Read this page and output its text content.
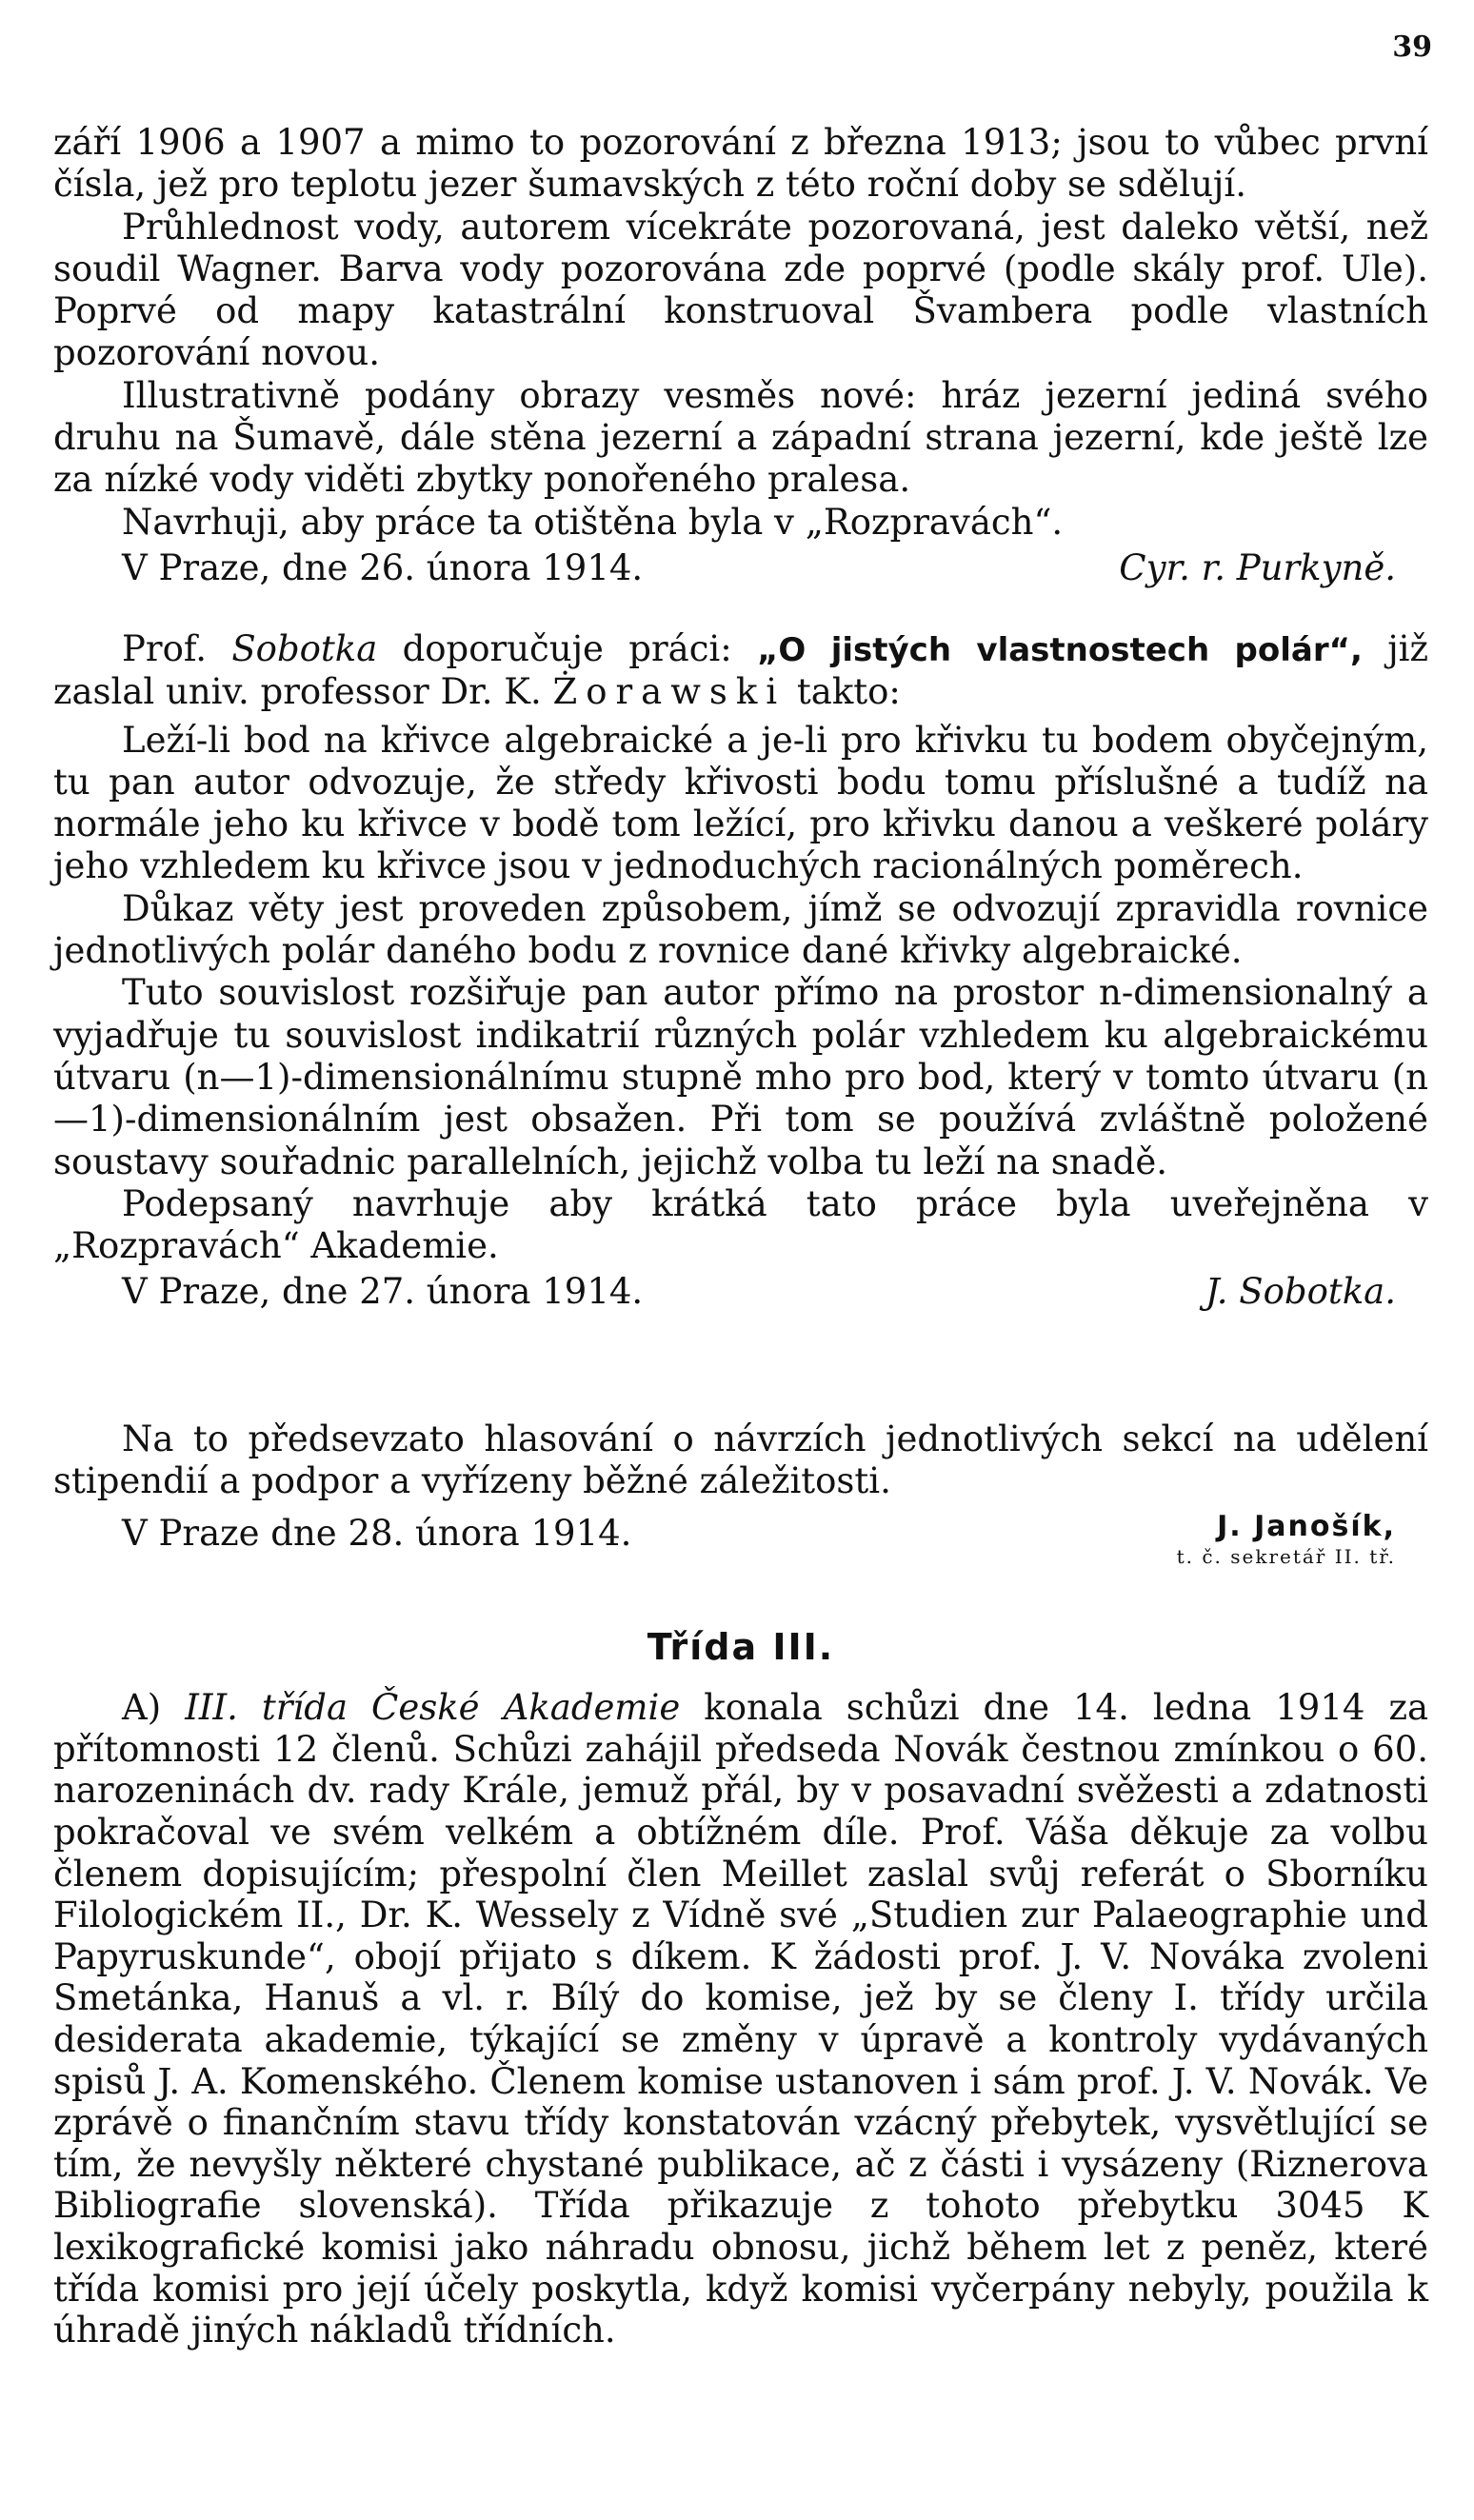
39

září 1906 a 1907 a mimo to pozorování z března 1913; jsou to vůbec první čísla, jež pro teplotu jezer šumavských z této roční doby se sdělují.

Průhlednost vody, autorem vícekráte pozorovaná, jest daleko větší, než soudil Wagner. Barva vody pozorována zde poprvé (podle skály prof. Ule). Poprvé od mapy katastrální konstruoval Švambera podle vlastních pozorování novou.

Illustrativně podány obrazy vesměs nové: hráz jezerní jediná svého druhu na Šumavě, dále stěna jezerní a západní strana jezerní, kde ještě lze za nízké vody viděti zbytky ponořeného pralesa.

Navrhuji, aby práce ta otištěna byla v „Rozpravách“.

V Praze, dne 26. února 1914.	Cyr. r. Purkyně.

Prof. Sobotka doporučuje práci: „O jistých vlastnostech polár“, již zaslal univ. professor Dr. K. Żorawski takto:

Leží-li bod na křivce algebraické a je-li pro křivku tu bodem obyčejným, tu pan autor odvozuje, že středy křivosti bodu tomu příslušné a tudíž na normále jeho ku křivce v bodě tom ležící, pro křivku danou a veškeré poláry jeho vzhledem ku křivce jsou v jednoduchých racionálných poměrech.

Důkaz věty jest proveden způsobem, jímž se odvozují zpravidla rovnice jednotlivých polár daného bodu z rovnice dané křivky algebraické.

Tuto souvislost rozšiřuje pan autor přímo na prostor n-dimensionalný a vyjadřuje tu souvislost indikatrií různých polár vzhledem ku algebraickému útvaru (n—1)-dimensionálnímu stupně mho pro bod, který v tomto útvaru (n—1)-dimensionálním jest obsažen. Při tom se používá zvláštně položené soustavy souřadnic parallelních, jejichž volba tu leží na snadě.

Podepsaný navrhuje aby krátká tato práce byla uveřejněna v „Rozpravách“ Akademie.

V Praze, dne 27. února 1914.	J. Sobotka.

Na to předsevzato hlasování o návrzích jednotlivých sekcí na udělení stipendií a podpor a vyřízeny běžné záležitosti.

V Praze dne 28. února 1914.	J. Janošík,
t. č. sekretář II. tř.
Třída III.

A) III. třída České Akademie konala schůzi dne 14. ledna 1914 za přítomnosti 12 členů. Schůzi zahájil předseda Novák čestnou zmínkou o 60. narozeninách dv. rady Krále, jemuž přál, by v posavadní svěžesti a zdatnosti pokračoval ve svém velkém a obtížném díle. Prof. Váša děkuje za volbu členem dopisujícím; přespolní člen Meillet zaslal svůj referát o Sborníku Filologickém II., Dr. K. Wessely z Vídně své „Studien zur Palaeographie und Papyruskunde“, obojí přijato s díkem. K žádosti prof. J. V. Nováka zvoleni Smetánka, Hanuš a vl. r. Bílý do komise, jež by se členy I. třídy určila desiderata akademie, týkající se změny v úpravě a kontroly vydávaných spisů J. A. Komenského. Členem komise ustanoven i sám prof. J. V. Novák. Ve zprávě o finančním stavu třídy konstatován vzácný přebytek, vysvětlující se tím, že nevyšly některé chystané publikace, ač z části i vysázeny (Riznerova Bibliografie slovenská). Třída přikazuje z tohoto přebytku 3045 K lexikografické komisi jako náhradu obnosu, jichž během let z peněz, které třída komisi pro její účely poskytla, když komisi vyčerpány nebyly, použila k úhradě jiných nákladů třídních.
